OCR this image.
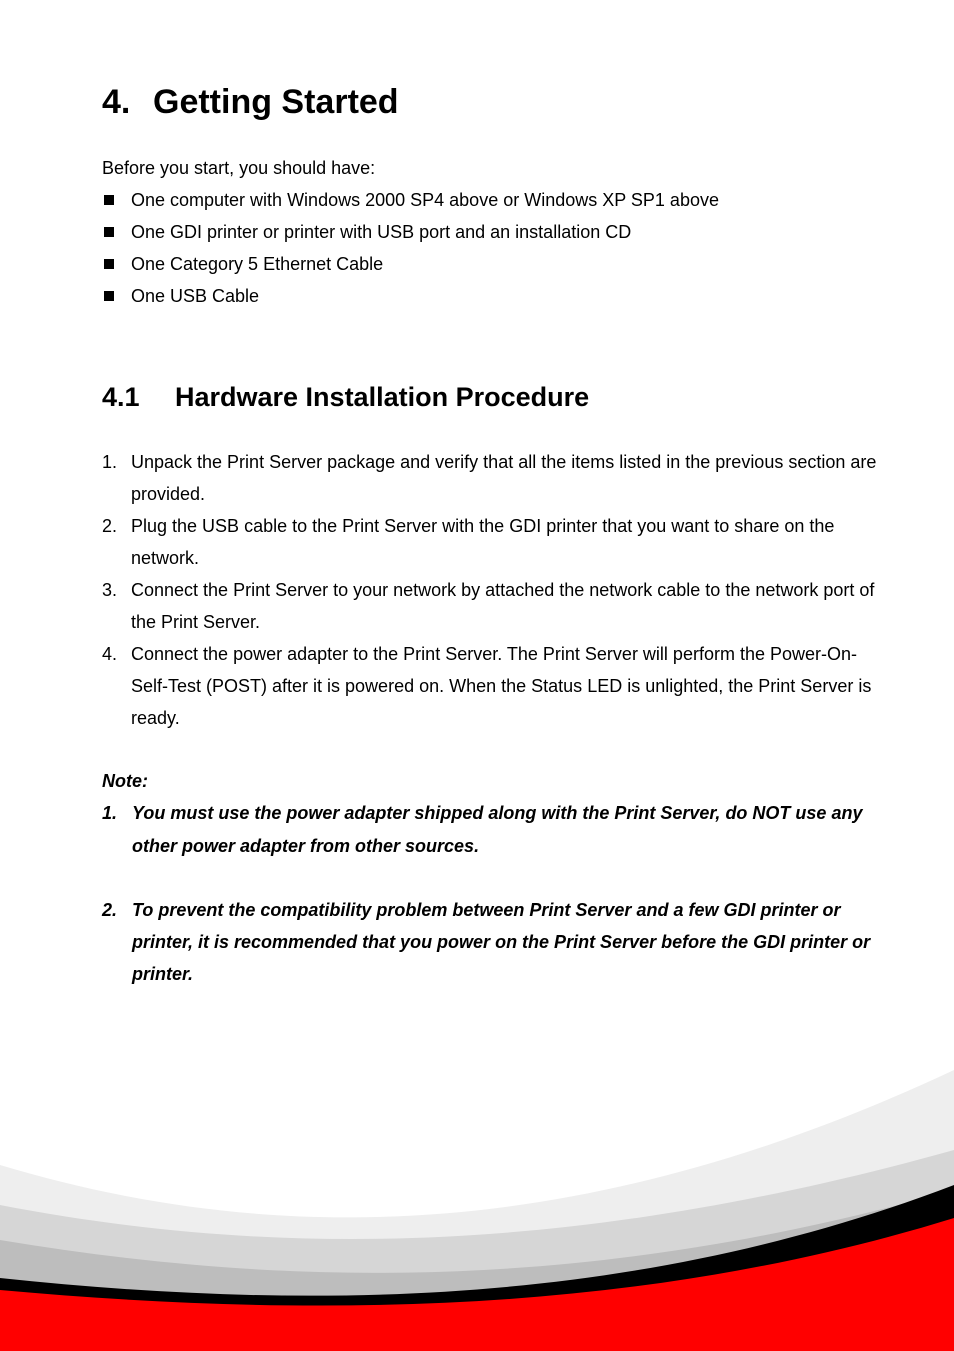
4. Getting Started
Before you start, you should have:
One computer with Windows 2000 SP4 above or Windows XP SP1 above
One GDI printer or printer with USB port and an installation CD
One Category 5 Ethernet Cable
One USB Cable
4.1 Hardware Installation Procedure
1. Unpack the Print Server package and verify that all the items listed in the previous section are provided.
2. Plug the USB cable to the Print Server with the GDI printer that you want to share on the network.
3. Connect the Print Server to your network by attached the network cable to the network port of the Print Server.
4. Connect the power adapter to the Print Server. The Print Server will perform the Power-On-Self-Test (POST) after it is powered on. When the Status LED is unlighted, the Print Server is ready.
Note:
1. You must use the power adapter shipped along with the Print Server, do NOT use any other power adapter from other sources.
2. To prevent the compatibility problem between Print Server and a few GDI printer or printer, it is recommended that you power on the Print Server before the GDI printer or printer.
